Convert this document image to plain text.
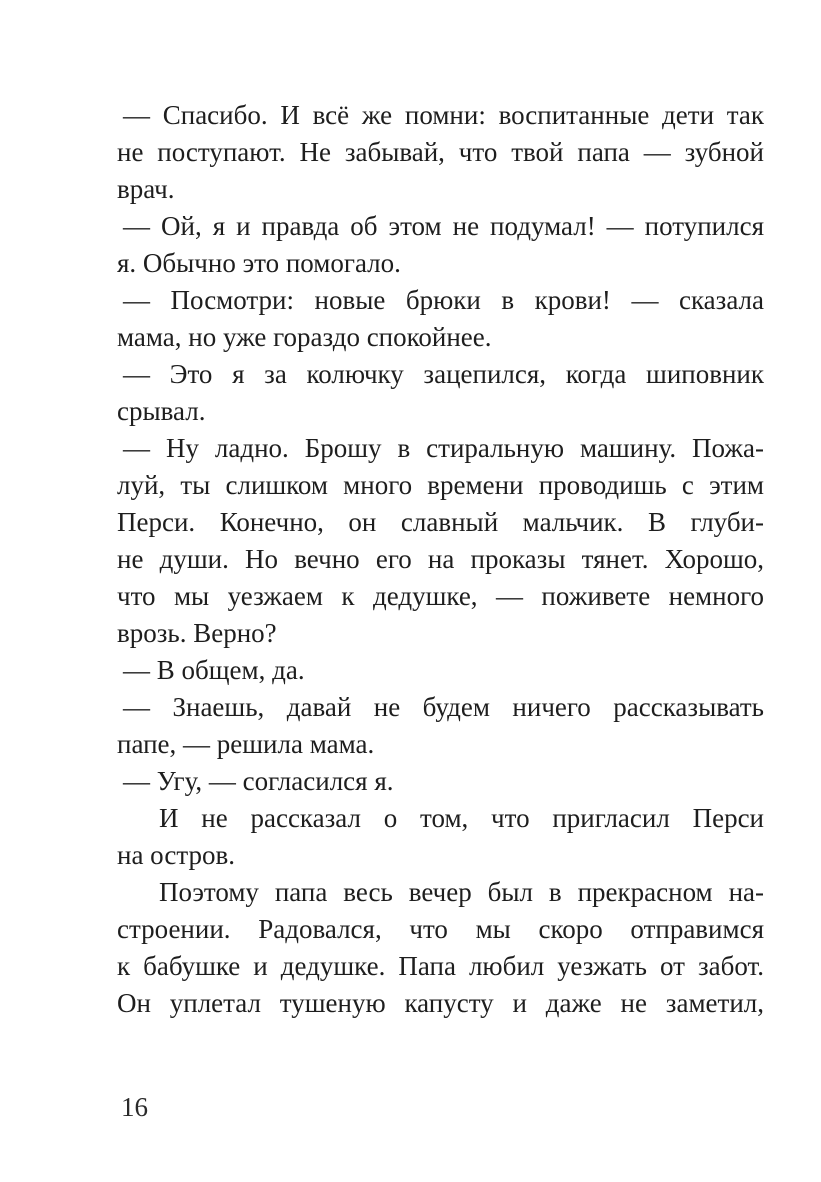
— Спасибо. И всё же помни: воспитанные дети так
не поступают. Не забывай, что твой папа — зубной
врач.
— Ой, я и правда об этом не подумал! — потупился
я. Обычно это помогало.
— Посмотри: новые брюки в крови! — сказала
мама, но уже гораздо спокойнее.
— Это я за колючку зацепился, когда шиповник
срывал.
— Ну ладно. Брошу в стиральную машину. Пожа-
луй, ты слишком много времени проводишь с этим
Перси. Конечно, он славный мальчик. В глуби-
не души. Но вечно его на проказы тянет. Хорошо,
что мы уезжаем к дедушке, — поживете немного
врозь. Верно?
— В общем, да.
— Знаешь, давай не будем ничего рассказывать
папе, — решила мама.
— Угу, — согласился я.
И не рассказал о том, что пригласил Перси
на остров.
Поэтому папа весь вечер был в прекрасном на-
строении. Радовался, что мы скоро отправимся
к бабушке и дедушке. Папа любил уезжать от забот.
Он уплетал тушеную капусту и даже не заметил,
16
